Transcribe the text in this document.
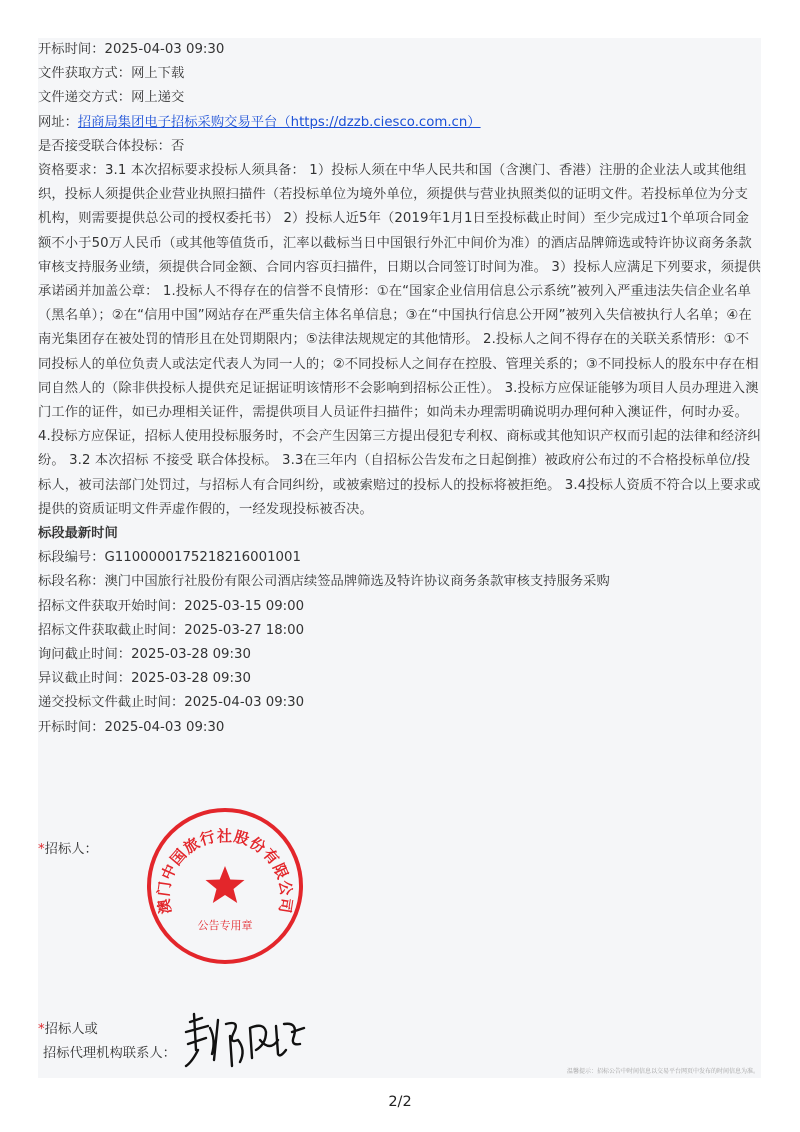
开标时间：2025-04-03 09:30
文件获取方式：网上下载
文件递交方式：网上递交
网址：招商局集团电子招标采购交易平台（https://dzzb.ciesco.com.cn）
是否接受联合体投标：否
资格要求：3.1 本次招标要求投标人须具备： 1）投标人须在中华人民共和国（含澳门、香港）注册的企业法人或其他组织，投标人须提供企业营业执照扫描件（若投标单位为境外单位，须提供与营业执照类似的证明文件。若投标单位为分支机构，则需要提供总公司的授权委托书） 2）投标人近5年（2019年1月1日至投标截止时间）至少完成过1个单项合同金额不小于50万人民币（或其他等值货币，汇率以截标当日中国银行外汇中间价为准）的酒店品牌筛选或特许协议商务条款审核支持服务业绩，须提供合同金额、合同内容页扫描件，日期以合同签订时间为准。 3）投标人应满足下列要求，须提供承诺函并加盖公章： 1.投标人不得存在的信誉不良情形：①在“国家企业信用信息公示系统”被列入严重违法失信企业名单（黑名单）；②在“信用中国”网站存在严重失信主体名单信息；③在“中国执行信息公开网”被列入失信被执行人名单；④在南光集团存在被处罚的情形且在处罚期限内；⑤法律法规规定的其他情形。 2.投标人之间不得存在的关联关系情形：①不同投标人的单位负责人或法定代表人为同一人的；②不同投标人之间存在控股、管理关系的；③不同投标人的股东中存在相同自然人的（除非供投标人提供充足证据证明该情形不会影响到招标公正性）。 3.投标方应保证能够为项目人员办理进入澳门工作的证件，如已办理相关证件，需提供项目人员证件扫描件；如尚未办理需明确说明办理何种入澳证件，何时办妥。 4.投标方应保证，招标人使用投标服务时，不会产生因第三方提出侵犯专利权、商标或其他知识产权而引起的法律和经济纠纷。 3.2 本次招标 不接受 联合体投标。 3.3在三年内（自招标公告发布之日起倒推）被政府公布过的不合格投标单位/投标人，被司法部门处罚过，与招标人有合同纠纷，或被索赔过的投标人的投标将被拒绝。 3.4投标人资质不符合以上要求或提供的资质证明文件弄虚作假的，一经发现投标被否决。
标段最新时间
标段编号：G1100000175218216001001
标段名称：澳门中国旅行社股份有限公司酒店续签品牌筛选及特许协议商务条款审核支持服务采购
招标文件获取开始时间：2025-03-15 09:00
招标文件获取截止时间：2025-03-27 18:00
询问截止时间：2025-03-28 09:30
异议截止时间：2025-03-28 09:30
递交投标文件截止时间：2025-04-03 09:30
开标时间：2025-04-03 09:30
*招标人：
澳门中国旅行社股份有限公司
公告专用章
*招标人或
招标代理机构联系人：
温馨提示：招标公告中时间信息以交易平台网页中发布的时间信息为准。
2/2
